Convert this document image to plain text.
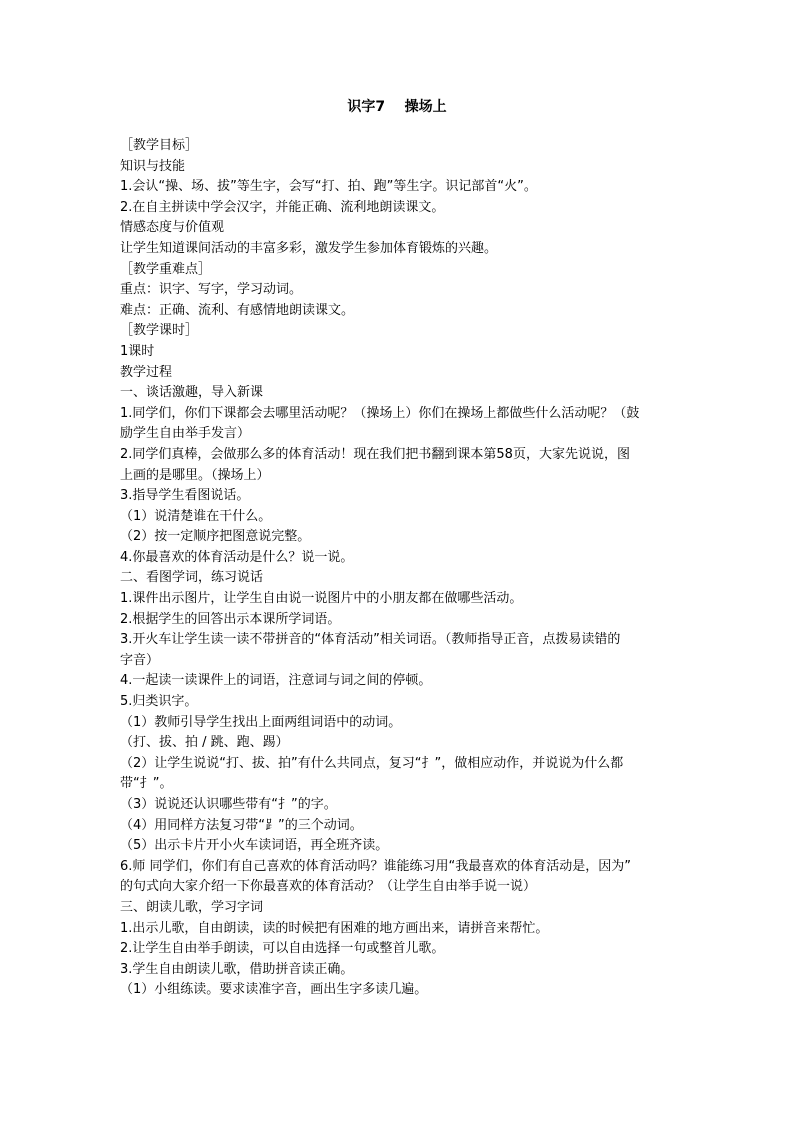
识字7    操场上
［教学目标］
知识与技能
1.会认“操、场、拔”等生字，会写“打、拍、跑”等生字。识记部首“火”。
2.在自主拼读中学会汉字，并能正确、流利地朗读课文。
情感态度与价值观
让学生知道课间活动的丰富多彩，激发学生参加体育锻炼的兴趣。
［教学重难点］
重点：识字、写字，学习动词。
难点：正确、流利、有感情地朗读课文。
［教学课时］
1课时
教学过程
一、谈话激趣，导入新课
1.同学们，你们下课都会去哪里活动呢？（操场上）你们在操场上都做些什么活动呢？（鼓
励学生自由举手发言）
2.同学们真棒，会做那么多的体育活动！现在我们把书翻到课本第58页，大家先说说，图
上画的是哪里。（操场上）
3.指导学生看图说话。
（1）说清楚谁在干什么。
（2）按一定顺序把图意说完整。
4.你最喜欢的体育活动是什么？说一说。
二、看图学词，练习说话
1.课件出示图片，让学生自由说一说图片中的小朋友都在做哪些活动。
2.根据学生的回答出示本课所学词语。
3.开火车让学生读一读不带拼音的“体育活动”相关词语。（教师指导正音，点拨易读错的
字音）
4.一起读一读课件上的词语，注意词与词之间的停顿。
5.归类识字。
（1）教师引导学生找出上面两组词语中的动词。
（打、拔、拍 / 跳、跑、踢）
（2）让学生说说“打、拔、拍”有什么共同点，复习“扌”，做相应动作，并说说为什么都
带“扌”。
（3）说说还认识哪些带有“扌”的字。
（4）用同样方法复习带“⻊”的三个动词。
（5）出示卡片开小火车读词语，再全班齐读。
6.师 同学们，你们有自己喜欢的体育活动吗？谁能练习用“我最喜欢的体育活动是，因为”
的句式向大家介绍一下你最喜欢的体育活动？（让学生自由举手说一说）
三、朗读儿歌，学习字词
1.出示儿歌，自由朗读，读的时候把有困难的地方画出来，请拼音来帮忙。
2.让学生自由举手朗读，可以自由选择一句或整首儿歌。
3.学生自由朗读儿歌，借助拼音读正确。
（1）小组练读。要求读准字音，画出生字多读几遍。
